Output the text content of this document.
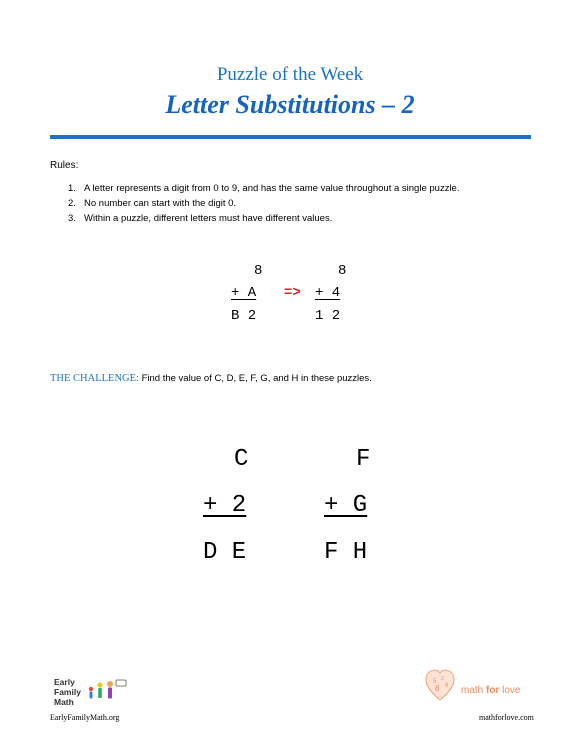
Puzzle of the Week
Letter Substitutions – 2
Rules:
1. A letter represents a digit from 0 to 9, and has the same value throughout a single puzzle.
2. No number can start with the digit 0.
3. Within a puzzle, different letters must have different values.
8
+ A
B 2
=>
8
+ 4
1 2
THE CHALLENGE: Find the value of C, D, E, F, G, and H in these puzzles.
C
+ 2
D E
F
+ G
F H
Early
Family
Math
EarlyFamilyMath.org
5 2
6
8 math for love
mathforlove.com
